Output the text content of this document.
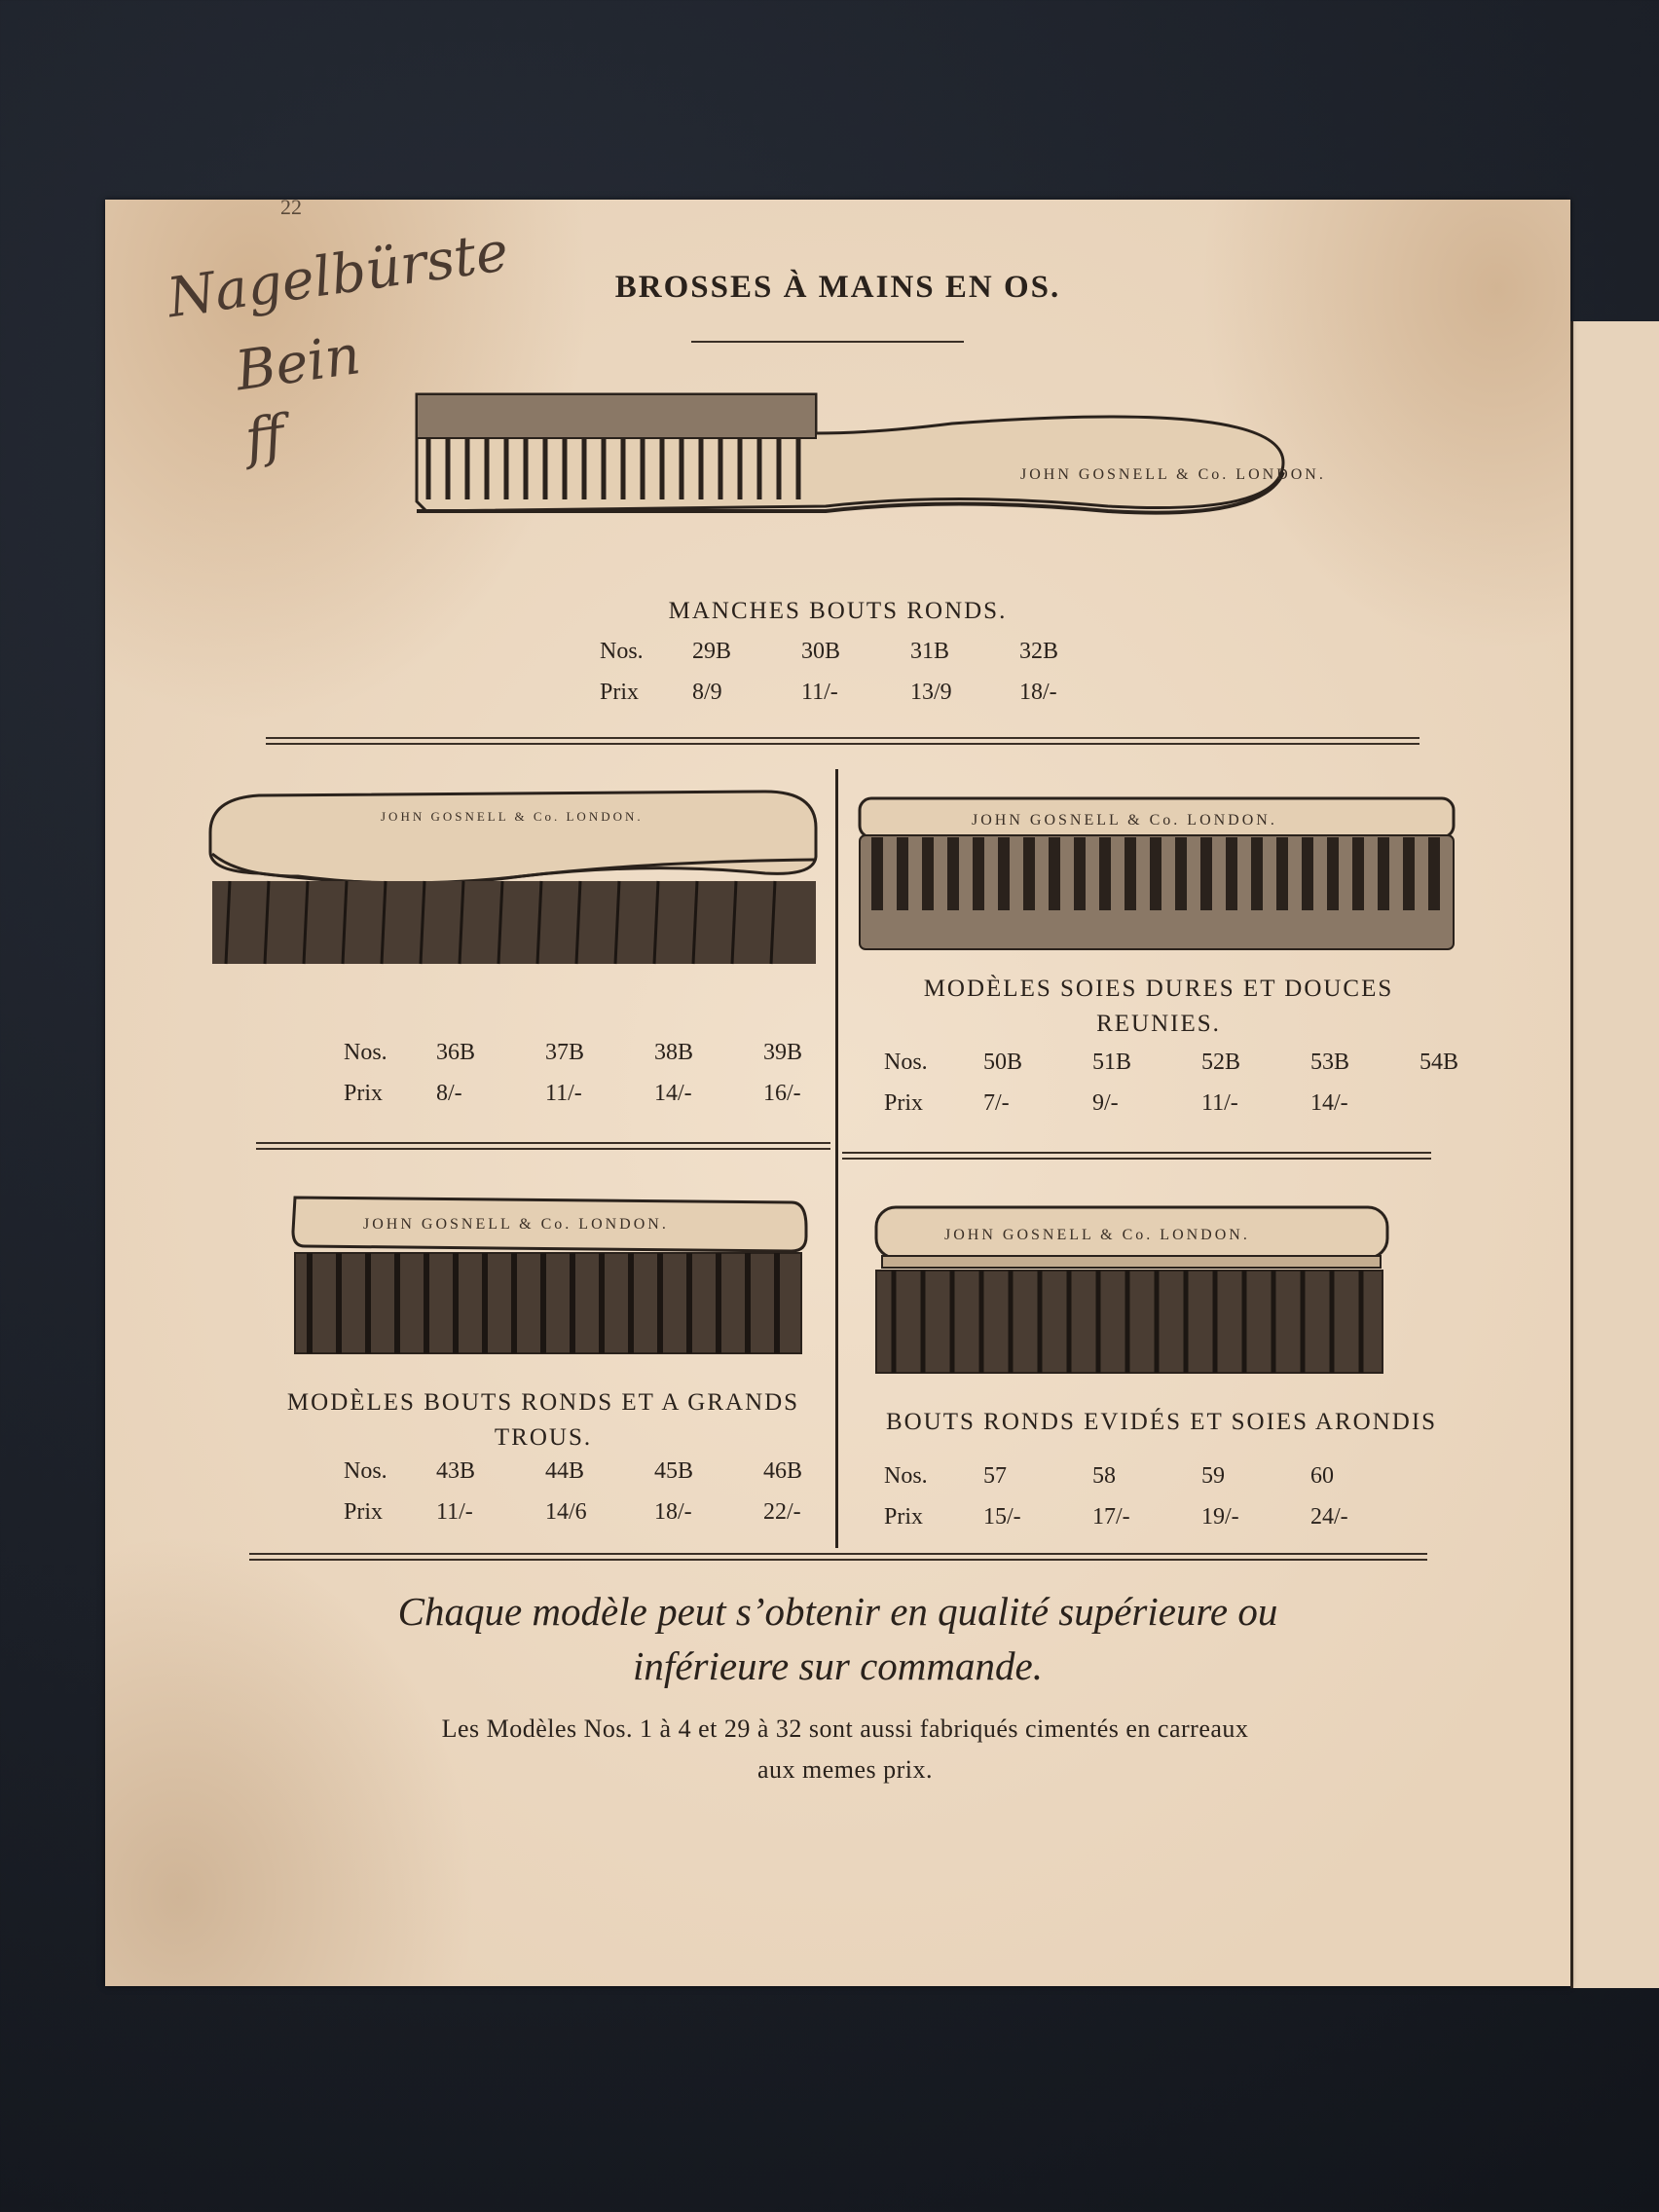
22
Nagelbürste
Bein
ff
BROSSES À MAINS EN OS.
JOHN GOSNELL & Co. LONDON.
MANCHES BOUTS RONDS.
Nos.	29B	30B	31B	32B
Prix	8/9	11/-	13/9	18/-
JOHN GOSNELL & Co. LONDON.
Nos.	36B	37B	38B	39B
Prix	8/-	11/-	14/-	16/-
JOHN GOSNELL & Co. LONDON.
MODÈLES SOIES DURES ET DOUCES
REUNIES.
Nos.	50B	51B	52B	53B	54B
Prix	7/-	9/-	11/-	14/-	
JOHN GOSNELL & Co. LONDON.
MODÈLES BOUTS RONDS ET A GRANDS
TROUS.
Nos.	43B	44B	45B	46B
Prix	11/-	14/6	18/-	22/-
JOHN GOSNELL & Co. LONDON.
BOUTS RONDS EVIDÉS ET SOIES ARONDIS
Nos.	57	58	59	60
Prix	15/-	17/-	19/-	24/-
Chaque modèle peut s’obtenir en qualité supérieure ou
inférieure sur commande.
Les Modèles Nos. 1 à 4 et 29 à 32 sont aussi fabriqués cimentés en carreaux
aux memes prix.
